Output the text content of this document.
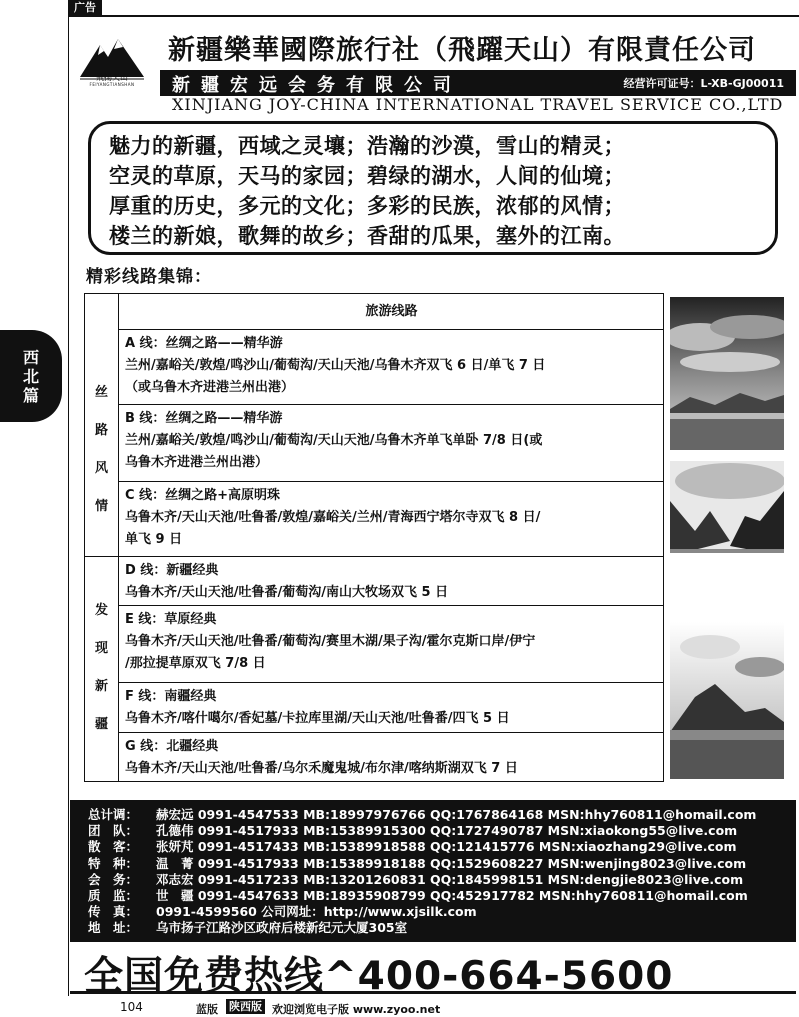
广告
西
北
篇
飛揚天山
FEIYANGTIANSHAN
新疆樂華國際旅行社（飛躍天山）有限責任公司
新疆宏远会务有限公司	经营许可证号：L-XB-GJ00011
XINJIANG JOY-CHINA INTERNATIONAL TRAVEL SERVICE CO.,LTD
魅力的新疆，西域之灵壤；浩瀚的沙漠，雪山的精灵；
空灵的草原，天马的家园；碧绿的湖水，人间的仙境；
厚重的历史，多元的文化；多彩的民族，浓郁的风情；
楼兰的新娘，歌舞的故乡；香甜的瓜果，塞外的江南。
精彩线路集锦：
旅游线路
丝
路
风
情
发
现
新
疆
A 线：丝绸之路——精华游
兰州/嘉峪关/敦煌/鸣沙山/葡萄沟/天山天池/乌鲁木齐双飞 6 日/单飞 7 日
（或乌鲁木齐进港兰州出港）
B 线：丝绸之路——精华游
兰州/嘉峪关/敦煌/鸣沙山/葡萄沟/天山天池/乌鲁木齐单飞单卧 7/8 日(或
乌鲁木齐进港兰州出港）
C 线：丝绸之路+高原明珠
乌鲁木齐/天山天池/吐鲁番/敦煌/嘉峪关/兰州/青海西宁塔尔寺双飞 8 日/
单飞 9 日
D 线：新疆经典
乌鲁木齐/天山天池/吐鲁番/葡萄沟/南山大牧场双飞 5 日
E 线：草原经典
乌鲁木齐/天山天池/吐鲁番/葡萄沟/赛里木湖/果子沟/霍尔克斯口岸/伊宁
/那拉提草原双飞 7/8 日
F 线：南疆经典
乌鲁木齐/喀什噶尔/香妃墓/卡拉库里湖/天山天池/吐鲁番/四飞 5 日
G 线：北疆经典
乌鲁木齐/天山天池/吐鲁番/乌尔禾魔鬼城/布尔津/喀纳斯湖双飞 7 日
总计调： 赫宏远 0991-4547533 MB:18997976766 QQ:1767864168 MSN:hhy760811@homail.com
团　队： 孔德伟 0991-4517933 MB:15389915300 QQ:1727490787 MSN:xiaokong55@live.com
散　客： 张妍芃 0991-4517433 MB:15389918588 QQ:121415776 MSN:xiaozhang29@live.com
特　种： 温　菁 0991-4517933 MB:15389918188 QQ:1529608227 MSN:wenjing8023@live.com
会　务： 邓志宏 0991-4517233 MB:13201260831 QQ:1845998151 MSN:dengjie8023@live.com
质　监： 世　疆 0991-4547633 MB:18935908799 QQ:452917782 MSN:hhy760811@homail.com
传　真： 0991-4599560 公司网址：http://www.xjsilk.com
地　址： 乌市扬子江路沙区政府后楼新纪元大厦305室
全国免费热线^400-664-5600
104	蓝版 陕西版 欢迎浏览电子版 www.zyoo.net
